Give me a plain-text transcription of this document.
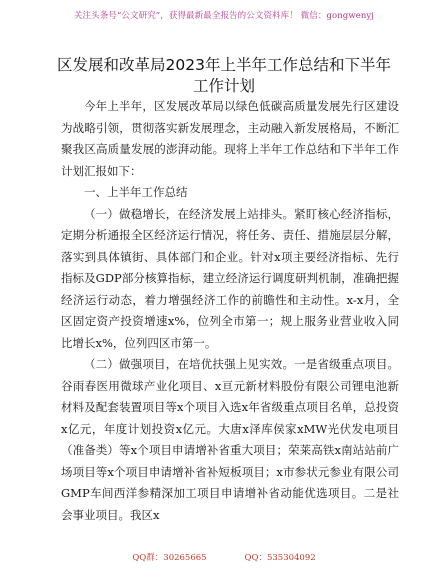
关注头条号“公文研究”，获得最新最全报告的公文资料库！ 微信：gongwenyj
区发展和改革局2023年上半年工作总结和下半年工作计划

今年上半年，区发展改革局以绿色低碳高质量发展先行区建设为战略引领，贯彻落实新发展理念，主动融入新发展格局，不断汇聚我区高质量发展的澎湃动能。现将上半年工作总结和下半年工作计划汇报如下：

一、上半年工作总结

（一）做稳增长，在经济发展上站排头。紧盯核心经济指标，定期分析通报全区经济运行情况，将任务、责任、措施层层分解，落实到具体镇街、具体部门和企业。针对x项主要经济指标、先行指标及GDP部分核算指标，建立经济运行调度研判机制，准确把握经济运行动态，着力增强经济工作的前瞻性和主动性。x-x月，全区固定资产投资增速x%，位列全市第一；规上服务业营业收入同比增长x%，位列四区市第一。

（二）做强项目，在培优扶强上见实效。一是省级重点项目。谷雨春医用微球产业化项目、x亘元新材料股份有限公司锂电池新材料及配套装置项目等x个项目入选x年省级重点项目名单，总投资x亿元，年度计划投资x亿元。大唐x泽库侯家xMW光伏发电项目（准备类）等x个项目申请增补省重大项目；荣莱高铁x南站站前广场项目等x个项目申请增补省补短板项目；x市参状元参业有限公司GMP车间西洋参精深加工项目申请增补省动能优选项目。二是社会事业项目。我区x

QQ群：30265665	QQ：535304092
